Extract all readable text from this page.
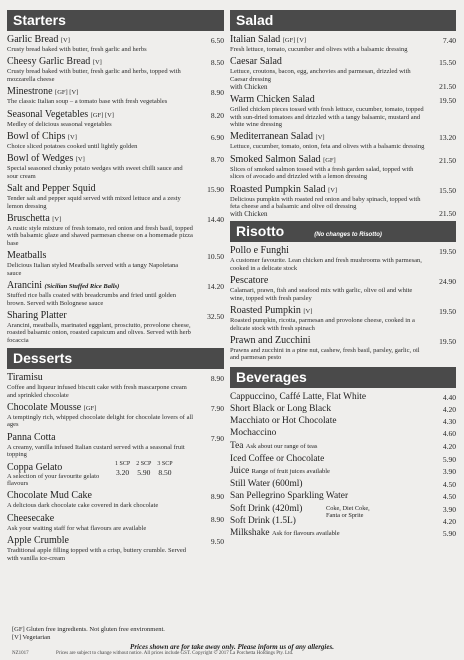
Starters
Garlic Bread [V]
Crusty bread baked with butter, fresh garlic and herbs
6.50
Cheesy Garlic Bread [V]
Crusty bread baked with butter, fresh garlic and herbs, topped with mozzarella cheese
8.50
Minestrone [GF] [V]
The classic Italian soup – a tomato base with fresh vegetables
8.90
Seasonal Vegetables [GF] [V]
Medley of delicious seasonal vegetables
8.20
Bowl of Chips [V]
Choice sliced potatoes cooked until lightly golden
6.90
Bowl of Wedges [V]
Special seasoned chunky potato wedges with sweet chilli sauce and sour cream
8.70
Salt and Pepper Squid
Tender salt and pepper squid served with mixed lettuce and a zesty lemon dressing
15.90
Bruschetta [V]
A rustic style mixture of fresh tomato, red onion and fresh basil, topped with balsamic glaze and shaved parmesan cheese on a homemade pizza base
14.40
Meatballs
Delicious Italian styled Meatballs served with a tangy Napoletana sauce
10.50
Arancini (Sicilian Stuffed Rice Balls)
Stuffed rice balls coated with breadcrumbs and fried until golden brown. Served with Bolognese sauce
14.20
Sharing Platter
Arancini, meatballs, marinated eggplant, prosciutto, provolone cheese, roasted balsamic onion, roasted capsicum and olives. Served with herb focaccia
32.50
Desserts
Tiramisu
Coffee and liqueur infused biscuit cake with fresh mascarpone cream and sprinkled chocolate
8.90
Chocolate Mousse [GF]
A temptingly rich, whipped chocolate delight for chocolate lovers of all ages
7.90
Panna Cotta
A creamy, vanilla infused Italian custard served with a seasonal fruit topping
7.90
Coppa Gelato
A selection of your favourite gelato flavours
1 SCP
3.20
2 SCP
5.90
3 SCP
8.50
Chocolate Mud Cake
A delicious dark chocolate cake covered in dark chocolate
8.90
Cheesecake
Ask your waiting staff for what flavours are available
8.90
Apple Crumble
Traditional apple filling topped with a crisp, buttery crumble. Served with vanilla ice-cream
9.50
Salad
Italian Salad [GF] [V]
Fresh lettuce, tomato, cucumber and olives with a balsamic dressing
7.40
Caesar Salad
Lettuce, croutons, bacon, egg, anchovies and parmesan, drizzled with Caesar dressing
15.50
with Chicken	21.50
Warm Chicken Salad
Grilled chicken pieces tossed with fresh lettuce, cucumber, tomato, topped with sun-dried tomatoes and drizzled with a tangy balsamic, mustard and white wine dressing
19.50
Mediterranean Salad [V]
Lettuce, cucumber, tomato, onion, feta and olives with a balsamic dressing
13.20
Smoked Salmon Salad [GF]
Slices of smoked salmon tossed with a fresh garden salad, topped with slices of avocado and drizzled with a lemon dressing
21.50
Roasted Pumpkin Salad [V]
Delicious pumpkin with roasted red onion and baby spinach, topped with feta cheese and a balsamic and olive oil dressing
15.50
with Chicken	21.50
Risotto	(No changes to Risotto)
Pollo e Funghi
A customer favourite. Lean chicken and fresh mushrooms with parmesan, cooked in a delicate stock
19.50
Pescatore
Calamari, prawn, fish and seafood mix with garlic, olive oil and white wine, topped with fresh parsley
24.90
Roasted Pumpkin [V]
Roasted pumpkin, ricotta, parmesan and provolone cheese, cooked in a delicate stock with fresh spinach
19.50
Prawn and Zucchini
Prawns and zucchini in a pine nut, cashew, fresh basil, parsley, garlic, oil and parmesan pesto
19.50
Beverages
Cappuccino, Caffé Latte, Flat White	4.40
Short Black or Long Black	4.20
Macchiato or Hot Chocolate	4.30
Mochaccino	4.60
Tea Ask about our range of teas	4.20
Iced Coffee or Chocolate	5.90
Juice Range of fruit juices available	3.90
Still Water (600ml)	4.50
San Pellegrino Sparkling Water	4.50
Soft Drink (420ml)	3.90
Coke, Diet Coke, Fanta or Sprite
Soft Drink (1.5L)	4.20
Milkshake Ask for flavours available	5.90
[GF] Gluten free ingredients. Not gluten free environment.
[V] Vegetarian
Prices shown are for take away only. Please inform us of any allergies.
NZ1017	Prices are subject to change without notice. All prices include GST. Copyright © 2017 La Porchetta Holdings Pty. Ltd.
